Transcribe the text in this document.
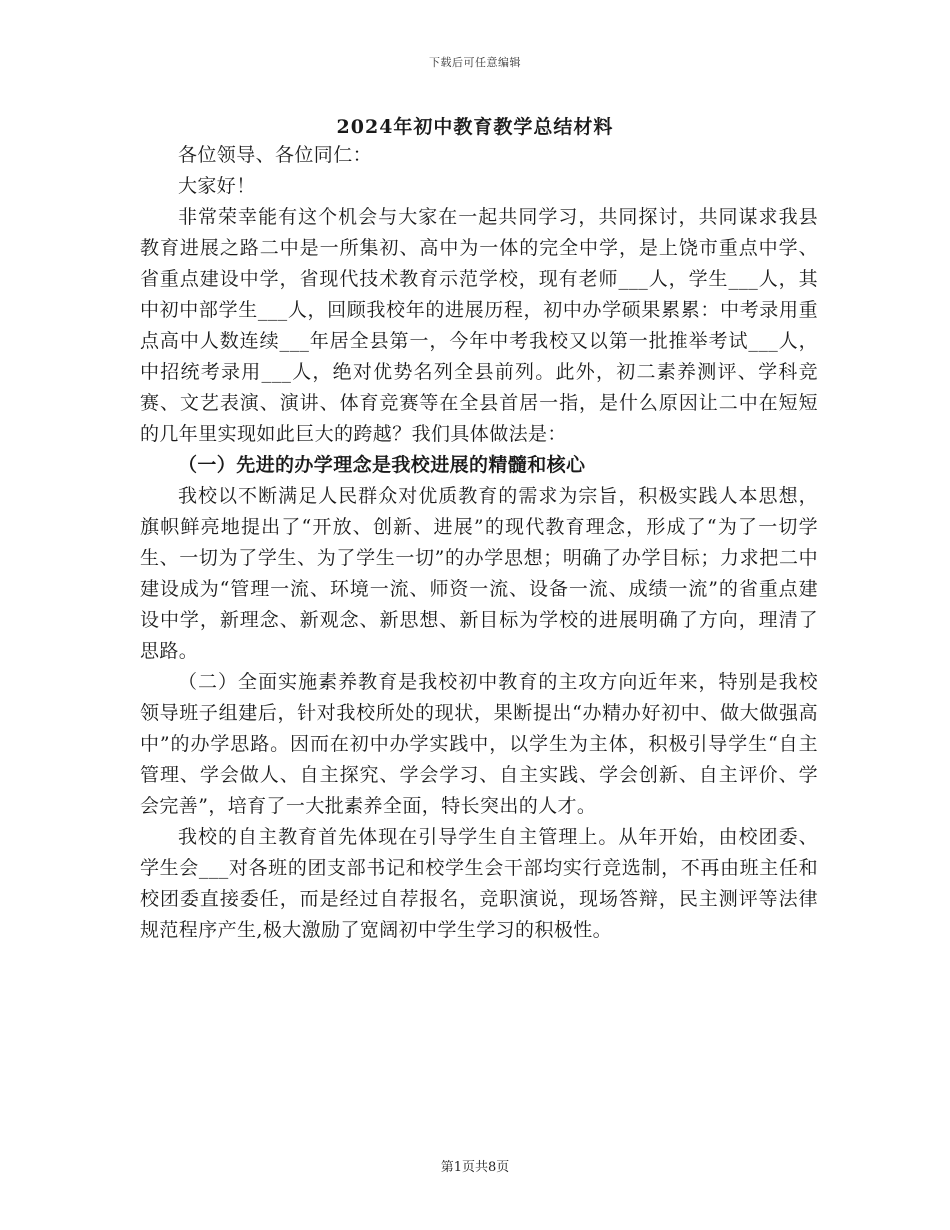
下载后可任意编辑
2024年初中教育教学总结材料

各位领导、各位同仁：

大家好！

非常荣幸能有这个机会与大家在一起共同学习，共同探讨，共同谋求我县教育进展之路二中是一所集初、高中为一体的完全中学，是上饶市重点中学、省重点建设中学，省现代技术教育示范学校，现有老师___人，学生___人，其中初中部学生___人，回顾我校年的进展历程，初中办学硕果累累：中考录用重点高中人数连续___年居全县第一，今年中考我校又以第一批推举考试___人，中招统考录用___人，绝对优势名列全县前列。此外，初二素养测评、学科竞赛、文艺表演、演讲、体育竞赛等在全县首居一指，是什么原因让二中在短短的几年里实现如此巨大的跨越？我们具体做法是：

（一）先进的办学理念是我校进展的精髓和核心

我校以不断满足人民群众对优质教育的需求为宗旨，积极实践人本思想，旗帜鲜亮地提出了“开放、创新、进展”的现代教育理念，形成了“为了一切学生、一切为了学生、为了学生一切”的办学思想；明确了办学目标；力求把二中建设成为“管理一流、环境一流、师资一流、设备一流、成绩一流”的省重点建设中学，新理念、新观念、新思想、新目标为学校的进展明确了方向，理清了思路。

（二）全面实施素养教育是我校初中教育的主攻方向近年来，特别是我校领导班子组建后，针对我校所处的现状，果断提出“办精办好初中、做大做强高中”的办学思路。因而在初中办学实践中，以学生为主体，积极引导学生“自主管理、学会做人、自主探究、学会学习、自主实践、学会创新、自主评价、学会完善”，培育了一大批素养全面，特长突出的人才。

我校的自主教育首先体现在引导学生自主管理上。从年开始，由校团委、学生会___对各班的团支部书记和校学生会干部均实行竞选制，不再由班主任和校团委直接委任，而是经过自荐报名，竞职演说，现场答辩，民主测评等法律规范程序产生,极大激励了宽阔初中学生学习的积极性。

第1页共8页
